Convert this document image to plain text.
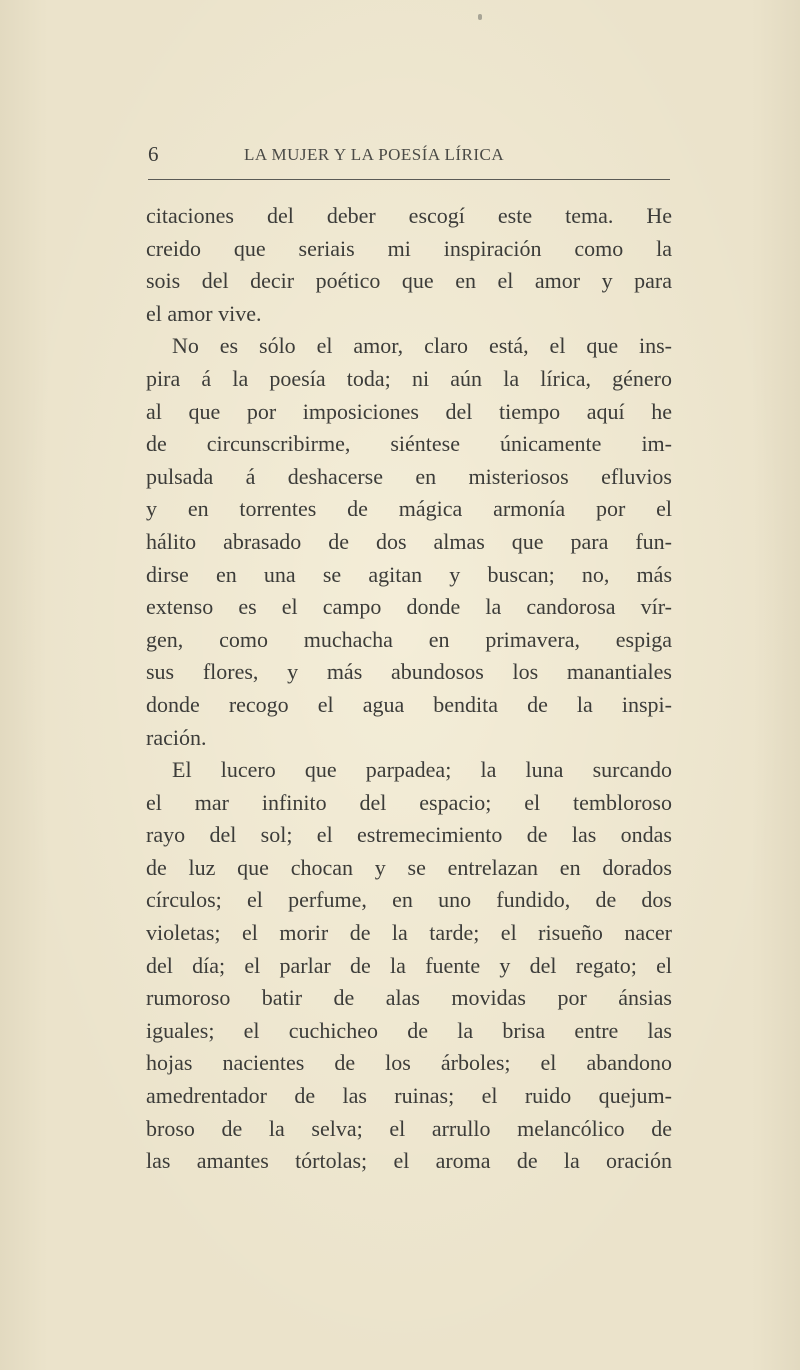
6	LA MUJER Y LA POESÍA LÍRICA
citaciones del deber escogí este tema. He
creido que seriais mi inspiración como la
sois del decir poético que en el amor y para
el amor vive.
No es sólo el amor, claro está, el que ins-
pira á la poesía toda; ni aún la lírica, género
al que por imposiciones del tiempo aquí he
de circunscribirme, siéntese únicamente im-
pulsada á deshacerse en misteriosos efluvios
y en torrentes de mágica armonía por el
hálito abrasado de dos almas que para fun-
dirse en una se agitan y buscan; no, más
extenso es el campo donde la candorosa vír-
gen, como muchacha en primavera, espiga
sus flores, y más abundosos los manantiales
donde recogo el agua bendita de la inspi-
ración.
El lucero que parpadea; la luna surcando
el mar infinito del espacio; el tembloroso
rayo del sol; el estremecimiento de las ondas
de luz que chocan y se entrelazan en dorados
círculos; el perfume, en uno fundido, de dos
violetas; el morir de la tarde; el risueño nacer
del día; el parlar de la fuente y del regato; el
rumoroso batir de alas movidas por ánsias
iguales; el cuchicheo de la brisa entre las
hojas nacientes de los árboles; el abandono
amedrentador de las ruinas; el ruido quejum-
broso de la selva; el arrullo melancólico de
las amantes tórtolas; el aroma de la oración
